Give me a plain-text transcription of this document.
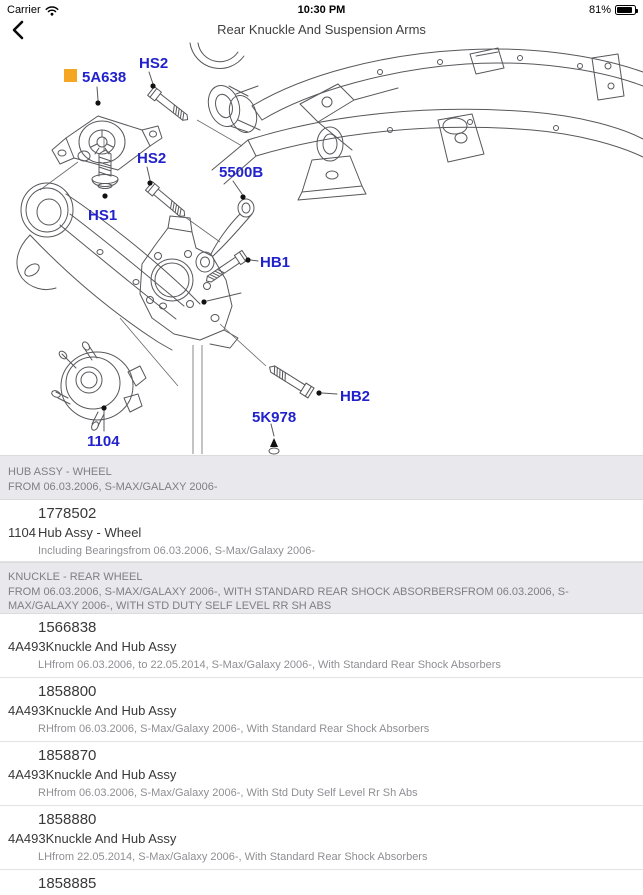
Carrier	10:30 PM	81%
Rear Knuckle And Suspension Arms
5A638
HS2
HS2
HS1
5500B
HB1
HB2
5K978
1104
HUB ASSY - WHEEL
FROM 06.03.2006, S-MAX/GALAXY 2006-
1778502
1104 Hub Assy - Wheel
Including Bearingsfrom 06.03.2006, S-Max/Galaxy 2006-
KNUCKLE - REAR WHEEL
FROM 06.03.2006, S-MAX/GALAXY 2006-, WITH STANDARD REAR SHOCK ABSORBERSFROM 06.03.2006, S-MAX/GALAXY 2006-, WITH STD DUTY SELF LEVEL RR SH ABS
1566838
4A493 Knuckle And Hub Assy
LHfrom 06.03.2006, to 22.05.2014, S-Max/Galaxy 2006-, With Standard Rear Shock Absorbers
1858800
4A493 Knuckle And Hub Assy
RHfrom 06.03.2006, S-Max/Galaxy 2006-, With Standard Rear Shock Absorbers
1858870
4A493 Knuckle And Hub Assy
RHfrom 06.03.2006, S-Max/Galaxy 2006-, With Std Duty Self Level Rr Sh Abs
1858880
4A493 Knuckle And Hub Assy
LHfrom 22.05.2014, S-Max/Galaxy 2006-, With Standard Rear Shock Absorbers
1858885
